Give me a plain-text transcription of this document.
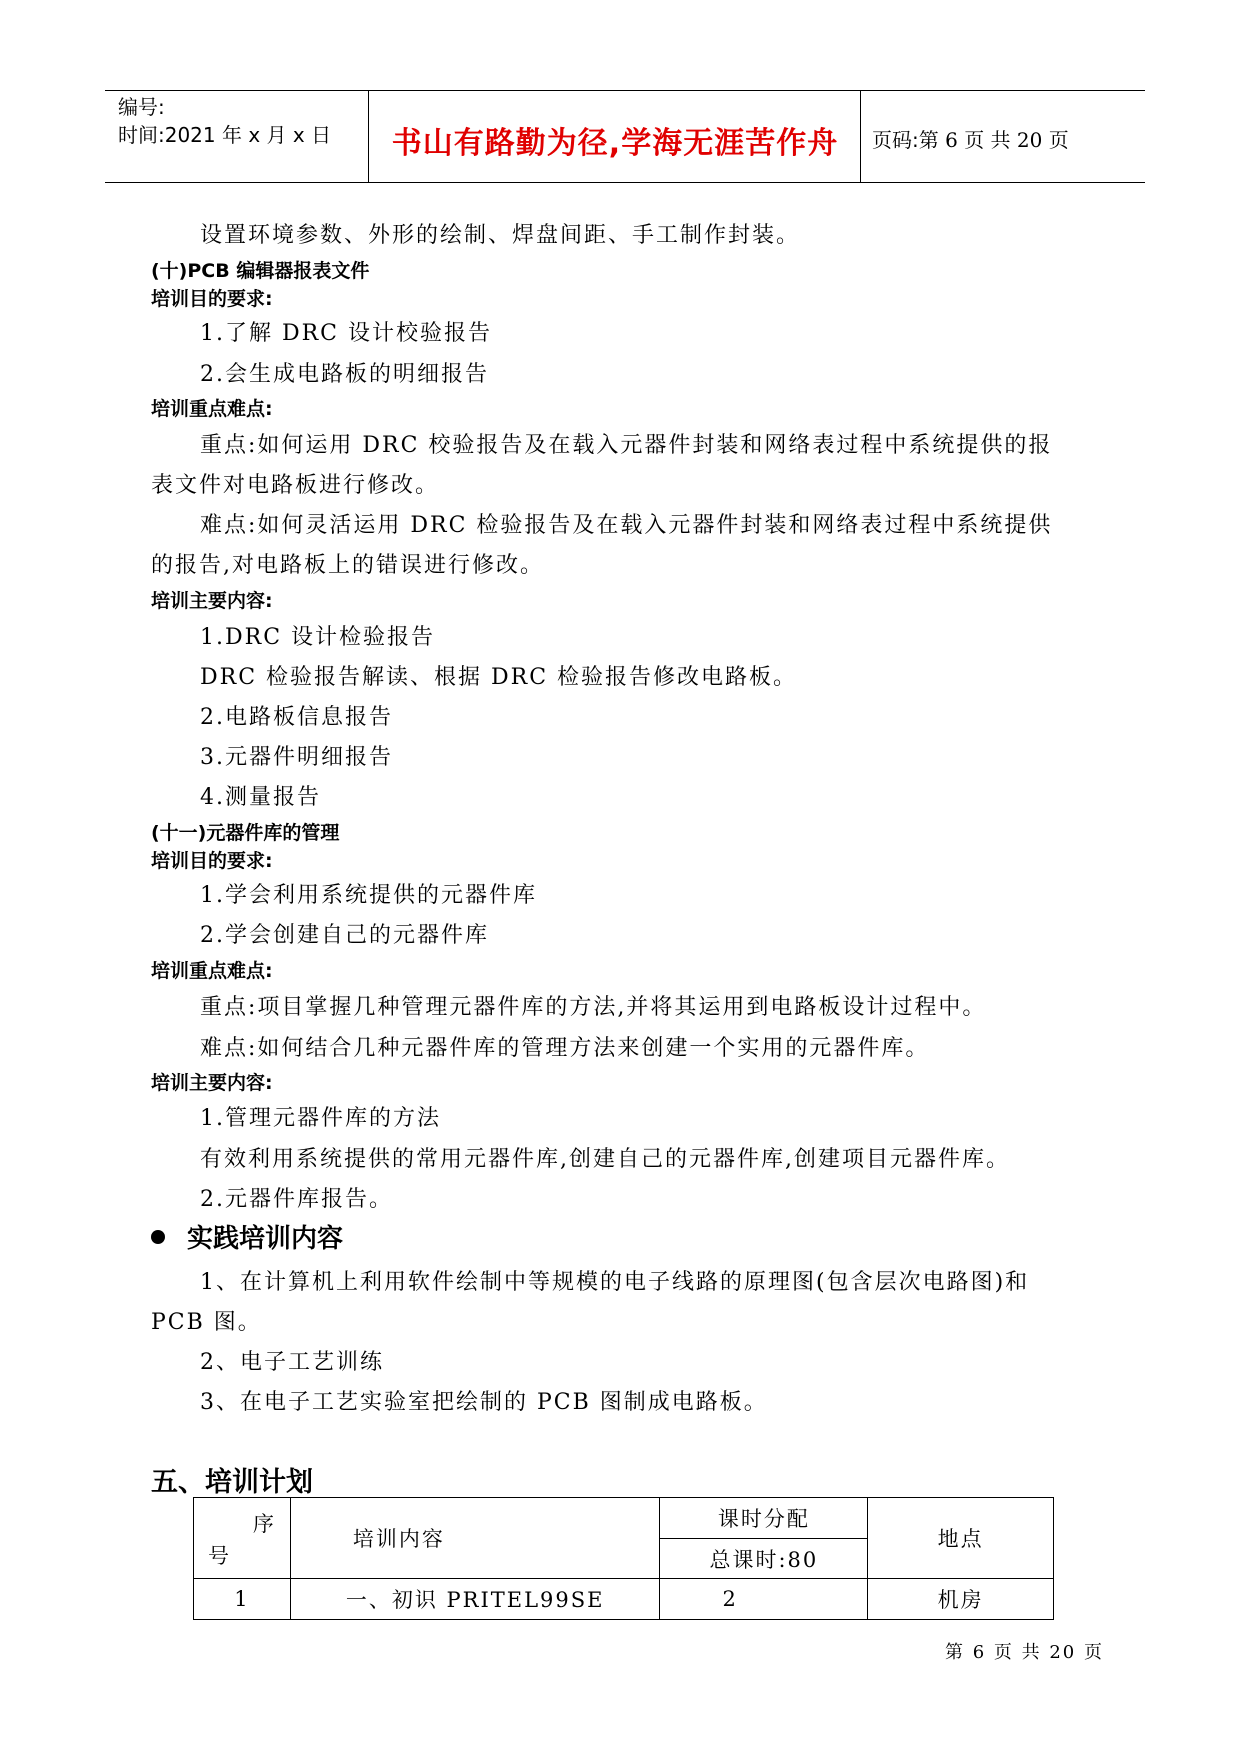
编号:
时间:2021 年 x 月 x 日	书山有路勤为径,学海无涯苦作舟	页码:第 6 页 共 20 页
设置环境参数、外形的绘制、焊盘间距、手工制作封装。
(十)PCB 编辑器报表文件
培训目的要求:
1.了解 DRC 设计校验报告
2.会生成电路板的明细报告
培训重点难点:
重点:如何运用 DRC 校验报告及在载入元器件封装和网络表过程中系统提供的报
表文件对电路板进行修改。
难点:如何灵活运用 DRC 检验报告及在载入元器件封装和网络表过程中系统提供
的报告,对电路板上的错误进行修改。
培训主要内容:
1.DRC 设计检验报告
DRC 检验报告解读、根据 DRC 检验报告修改电路板。
2.电路板信息报告
3.元器件明细报告
4.测量报告
(十一)元器件库的管理
培训目的要求:
1.学会利用系统提供的元器件库
2.学会创建自己的元器件库
培训重点难点:
重点:项目掌握几种管理元器件库的方法,并将其运用到电路板设计过程中。
难点:如何结合几种元器件库的管理方法来创建一个实用的元器件库。
培训主要内容:
1.管理元器件库的方法
有效利用系统提供的常用元器件库,创建自己的元器件库,创建项目元器件库。
2.元器件库报告。
实践培训内容
1、在计算机上利用软件绘制中等规模的电子线路的原理图(包含层次电路图)和
PCB 图。
2、电子工艺训练
3、在电子工艺实验室把绘制的 PCB 图制成电路板。
五、培训计划
序
号	培训内容	课时分配	地点
		总课时:80	
1	一、初识 PRITEL99SE	2	机房
第 6 页 共 20 页
